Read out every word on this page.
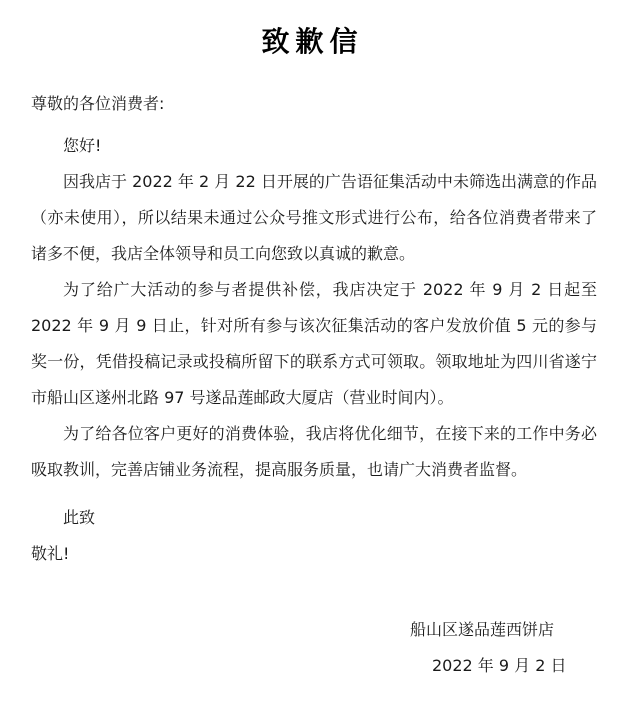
致歉信
尊敬的各位消费者:

您好!

因我店于 2022 年 2 月 22 日开展的广告语征集活动中未筛选出满意的作品（亦未使用），所以结果未通过公众号推文形式进行公布，给各位消费者带来了诸多不便，我店全体领导和员工向您致以真诚的歉意。

为了给广大活动的参与者提供补偿，我店决定于 2022 年 9 月 2 日起至 2022 年 9 月 9 日止，针对所有参与该次征集活动的客户发放价值 5 元的参与奖一份，凭借投稿记录或投稿所留下的联系方式可领取。领取地址为四川省遂宁市船山区遂州北路 97 号遂品莲邮政大厦店（营业时间内）。

为了给各位客户更好的消费体验，我店将优化细节，在接下来的工作中务必吸取教训，完善店铺业务流程，提高服务质量，也请广大消费者监督。

此致
敬礼!
船山区遂品莲西饼店
2022 年 9 月 2 日
